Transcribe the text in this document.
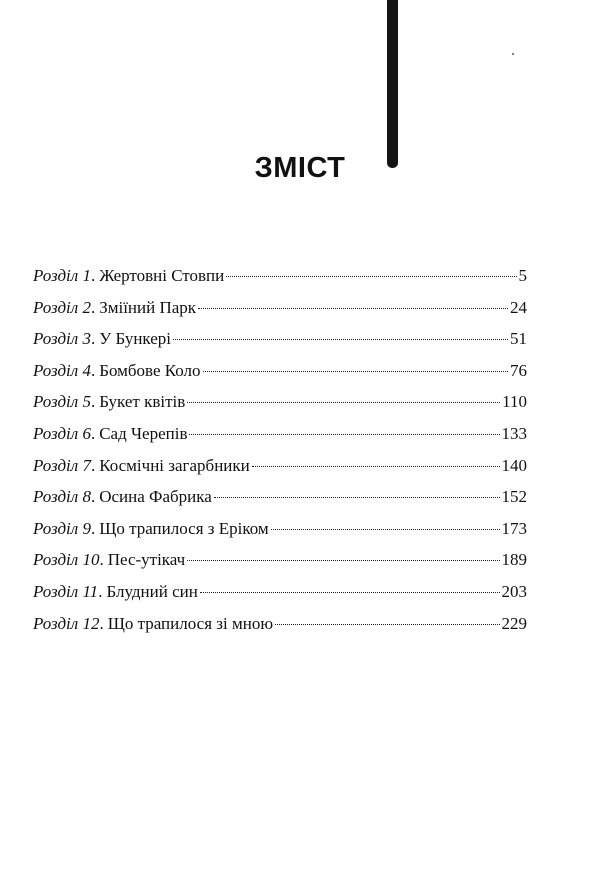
ЗМІСТ
Розділ 1 . Жертовні Стовпи	5
Розділ 2 . Зміїний Парк	24
Розділ 3 . У Бункері	51
Розділ 4 . Бомбове Коло	76
Розділ 5 . Букет квітів	110
Розділ 6 . Сад Черепів	133
Розділ 7 . Космічні загарбники	140
Розділ 8 . Осина Фабрика	152
Розділ 9 . Що трапилося з Еріком	173
Розділ 10 . Пес-утікач	189
Розділ 11 . Блудний син	203
Розділ 12 . Що трапилося зі мною	229
